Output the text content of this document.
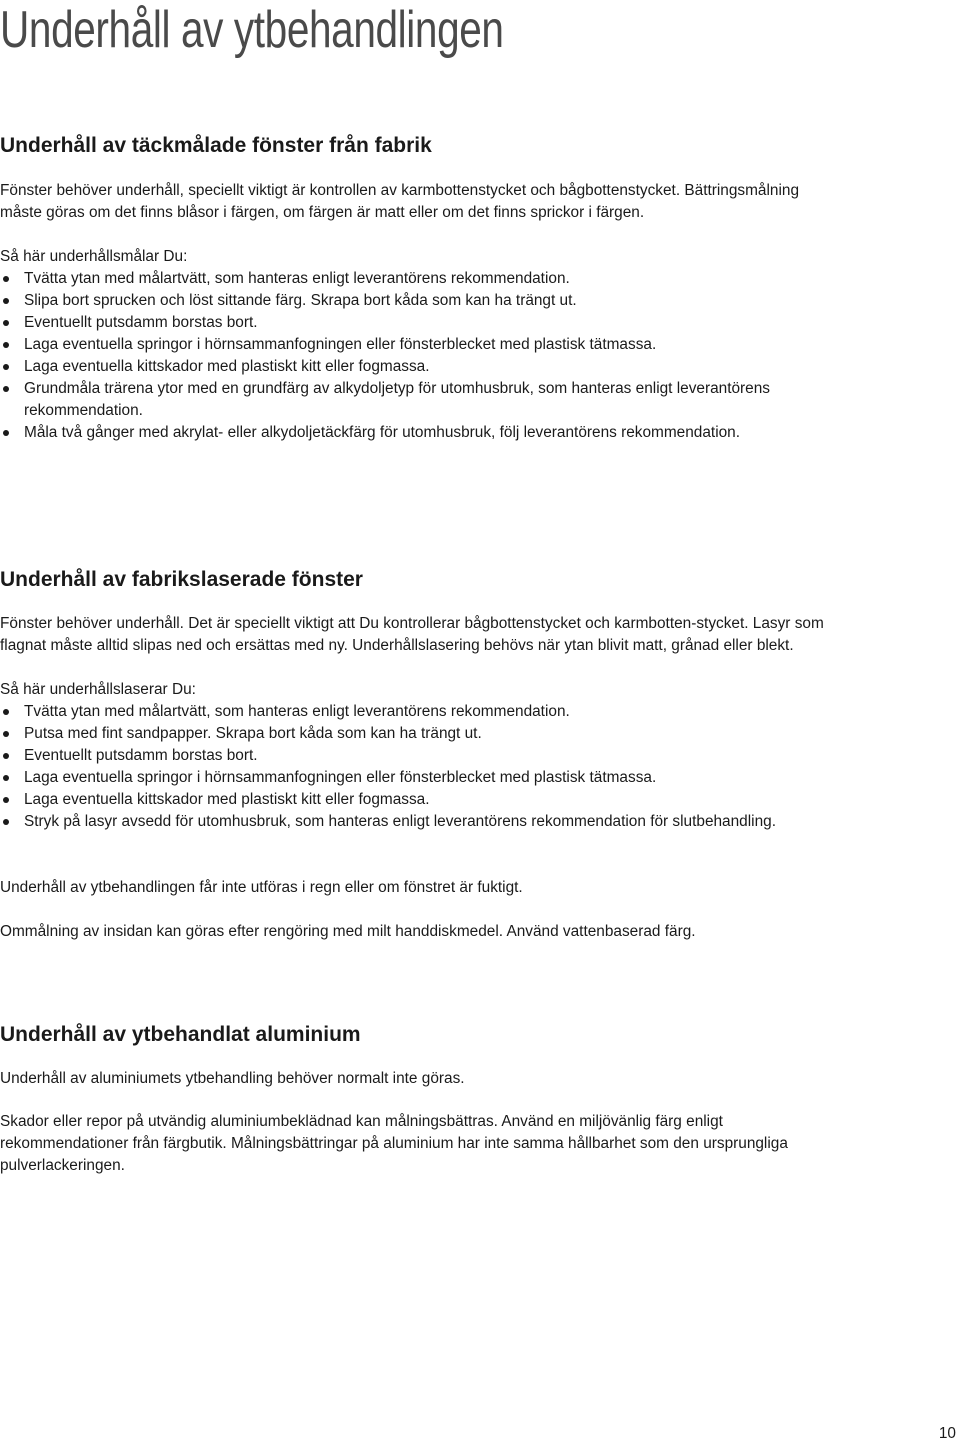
Underhåll av ytbehandlingen
Underhåll av täckmålade fönster från fabrik

Fönster behöver underhåll, speciellt viktigt är kontrollen av karmbottenstycket och bågbottenstycket. Bättringsmålning måste göras om det finns blåsor i färgen, om färgen är matt eller om det finns sprickor i färgen.

Så här underhållsmålar Du:

Tvätta ytan med målartvätt, som hanteras enligt leverantörens rekommendation.
Slipa bort sprucken och löst sittande färg. Skrapa bort kåda som kan ha trängt ut.
Eventuellt putsdamm borstas bort.
Laga eventuella springor i hörnsammanfogningen eller fönsterblecket med plastisk tätmassa.
Laga eventuella kittskador med plastiskt kitt eller fogmassa.
Grundmåla trärena ytor med en grundfärg av alkydoljetyp för utomhusbruk, som hanteras enligt leverantörens rekommendation.
Måla två gånger med akrylat- eller alkydoljetäckfärg för utomhusbruk, följ leverantörens rekommendation.
Underhåll av fabrikslaserade fönster

Fönster behöver underhåll. Det är speciellt viktigt att Du kontrollerar bågbottenstycket och karmbotten-stycket. Lasyr som flagnat måste alltid slipas ned och ersättas med ny. Underhållslasering behövs när ytan blivit matt, grånad eller blekt.

Så här underhållslaserar Du:

Tvätta ytan med målartvätt, som hanteras enligt leverantörens rekommendation.
Putsa med fint sandpapper. Skrapa bort kåda som kan ha trängt ut.
Eventuellt putsdamm borstas bort.
Laga eventuella springor i hörnsammanfogningen eller fönsterblecket med plastisk tätmassa.
Laga eventuella kittskador med plastiskt kitt eller fogmassa.
Stryk på lasyr avsedd för utomhusbruk, som hanteras enligt leverantörens rekommendation för slutbehandling.

Underhåll av ytbehandlingen får inte utföras i regn eller om fönstret är fuktigt.

Ommålning av insidan kan göras efter rengöring med milt handdiskmedel. Använd vattenbaserad färg.

Underhåll av ytbehandlat aluminium

Underhåll av aluminiumets ytbehandling behöver normalt inte göras.

Skador eller repor på utvändig aluminiumbeklädnad kan målningsbättras. Använd en miljövänlig färg enligt rekommendationer från färgbutik. Målningsbättringar på aluminium har inte samma hållbarhet som den ursprungliga pulverlackeringen.

10
